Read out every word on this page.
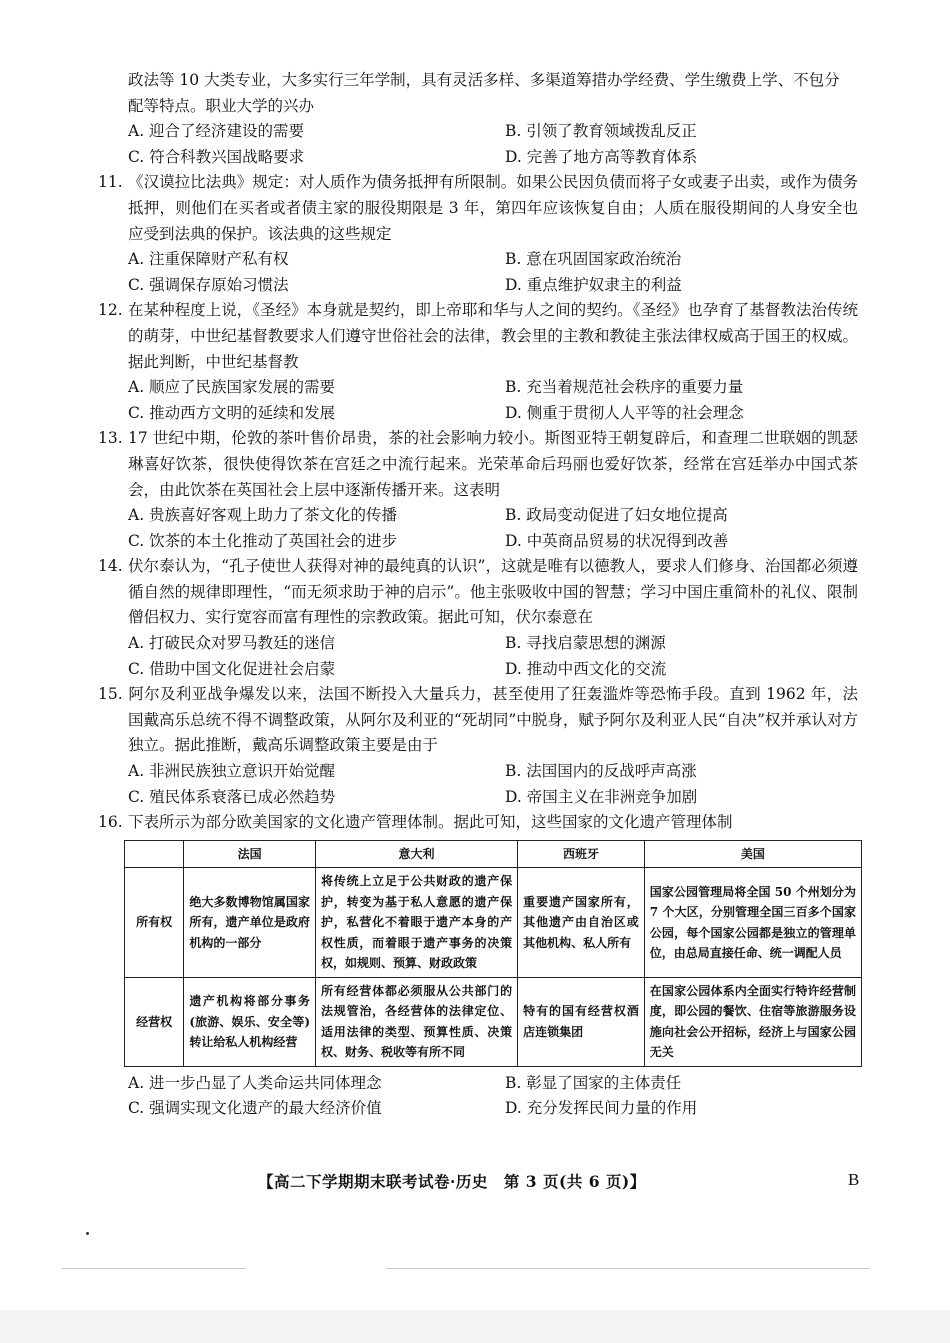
政法等 10 大类专业，大多实行三年学制，具有灵活多样、多渠道筹措办学经费、学生缴费上学、不包分
配等特点。职业大学的兴办

A. 迎合了经济建设的需要	B. 引领了教育领域拨乱反正
C. 符合科教兴国战略要求	D. 完善了地方高等教育体系
11. 《汉谟拉比法典》规定：对人质作为债务抵押有所限制。如果公民因负债而将子女或妻子出卖，或作为债务抵押，则他们在买者或者债主家的服役期限是 3 年，第四年应该恢复自由；人质在服役期间的人身安全也应受到法典的保护。该法典的这些规定
A. 注重保障财产私有权	B. 意在巩固国家政治统治
C. 强调保存原始习惯法	D. 重点维护奴隶主的利益
12. 在某种程度上说，《圣经》本身就是契约，即上帝耶和华与人之间的契约。《圣经》也孕育了基督教法治传统的萌芽，中世纪基督教要求人们遵守世俗社会的法律，教会里的主教和教徒主张法律权威高于国王的权威。据此判断，中世纪基督教
A. 顺应了民族国家发展的需要	B. 充当着规范社会秩序的重要力量
C. 推动西方文明的延续和发展	D. 侧重于贯彻人人平等的社会理念
13. 17 世纪中期，伦敦的茶叶售价昂贵，茶的社会影响力较小。斯图亚特王朝复辟后，和查理二世联姻的凯瑟琳喜好饮茶，很快使得饮茶在宫廷之中流行起来。光荣革命后玛丽也爱好饮茶，经常在宫廷举办中国式茶会，由此饮茶在英国社会上层中逐渐传播开来。这表明
A. 贵族喜好客观上助力了茶文化的传播	B. 政局变动促进了妇女地位提高
C. 饮茶的本土化推动了英国社会的进步	D. 中英商品贸易的状况得到改善
14. 伏尔泰认为，“孔子使世人获得对神的最纯真的认识”，这就是唯有以德教人，要求人们修身、治国都必须遵循自然的规律即理性，“而无须求助于神的启示”。他主张吸收中国的智慧；学习中国庄重简朴的礼仪、限制僧侣权力、实行宽容而富有理性的宗教政策。据此可知，伏尔泰意在
A. 打破民众对罗马教廷的迷信	B. 寻找启蒙思想的渊源
C. 借助中国文化促进社会启蒙	D. 推动中西文化的交流
15. 阿尔及利亚战争爆发以来，法国不断投入大量兵力，甚至使用了狂轰滥炸等恐怖手段。直到 1962 年，法国戴高乐总统不得不调整政策，从阿尔及利亚的“死胡同”中脱身，赋予阿尔及利亚人民“自决”权并承认对方独立。据此推断，戴高乐调整政策主要是由于
A. 非洲民族独立意识开始觉醒	B. 法国国内的反战呼声高涨
C. 殖民体系衰落已成必然趋势	D. 帝国主义在非洲竞争加剧
16. 下表所示为部分欧美国家的文化遗产管理体制。据此可知，这些国家的文化遗产管理体制
	法国	意大利	西班牙	美国
所有权	绝大多数博物馆属国家所有，遗产单位是政府机构的一部分	将传统上立足于公共财政的遗产保护，转变为基于私人意愿的遗产保护，私营化不着眼于遗产本身的产权性质，而着眼于遗产事务的决策权，如规则、预算、财政政策	重要遗产国家所有，其他遗产由自治区或其他机构、私人所有	国家公园管理局将全国 50 个州划分为 7 个大区，分别管理全国三百多个国家公园，每个国家公园都是独立的管理单位，由总局直接任命、统一调配人员
经营权	遗产机构将部分事务(旅游、娱乐、安全等)转让给私人机构经营	所有经营体都必须服从公共部门的法规管治，各经营体的法律定位、适用法律的类型、预算性质、决策权、财务、税收等有所不同	特有的国有经营权酒店连锁集团	在国家公园体系内全面实行特许经营制度，即公园的餐饮、住宿等旅游服务设施向社会公开招标，经济上与国家公园无关
A. 进一步凸显了人类命运共同体理念	B. 彰显了国家的主体责任
C. 强调实现文化遗产的最大经济价值	D. 充分发挥民间力量的作用
【高二下学期期末联考试卷·历史　第 3 页(共 6 页)】	B
